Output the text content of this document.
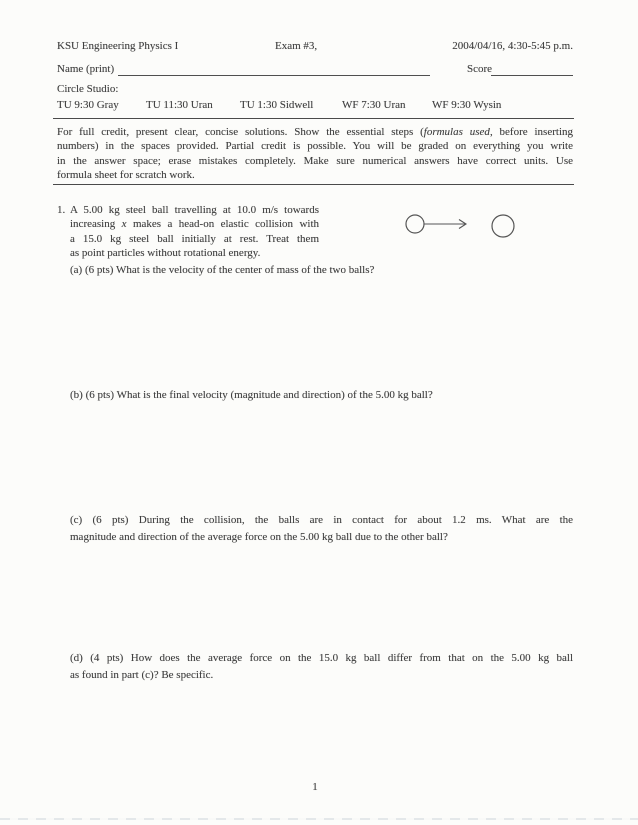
KSU Engineering Physics I	Exam #3,	2004/04/16, 4:30-5:45 p.m.
Name (print)	Score
Circle Studio:
TU 9:30 Gray TU 11:30 Uran TU 1:30 Sidwell	WF 7:30 Uran WF 9:30 Wysin
For full credit, present clear, concise solutions. Show the essential steps (formulas used, before inserting
numbers) in the spaces provided. Partial credit is possible. You will be graded on everything you write
in the answer space; erase mistakes completely. Make sure numerical answers have correct units. Use
formula sheet for scratch work.
1. A 5.00 kg steel ball travelling at 10.0 m/s towards
increasing x makes a head-on elastic collision with
a 15.0 kg steel ball initially at rest. Treat them
as point particles without rotational energy.
(a) (6 pts) What is the velocity of the center of mass of the two balls?
(b) (6 pts) What is the final velocity (magnitude and direction) of the 5.00 kg ball?
(c) (6 pts) During the collision, the balls are in contact for about 1.2 ms. What are the
magnitude and direction of the average force on the 5.00 kg ball due to the other ball?
(d) (4 pts) How does the average force on the 15.0 kg ball differ from that on the 5.00 kg ball
as found in part (c)? Be specific.
1
